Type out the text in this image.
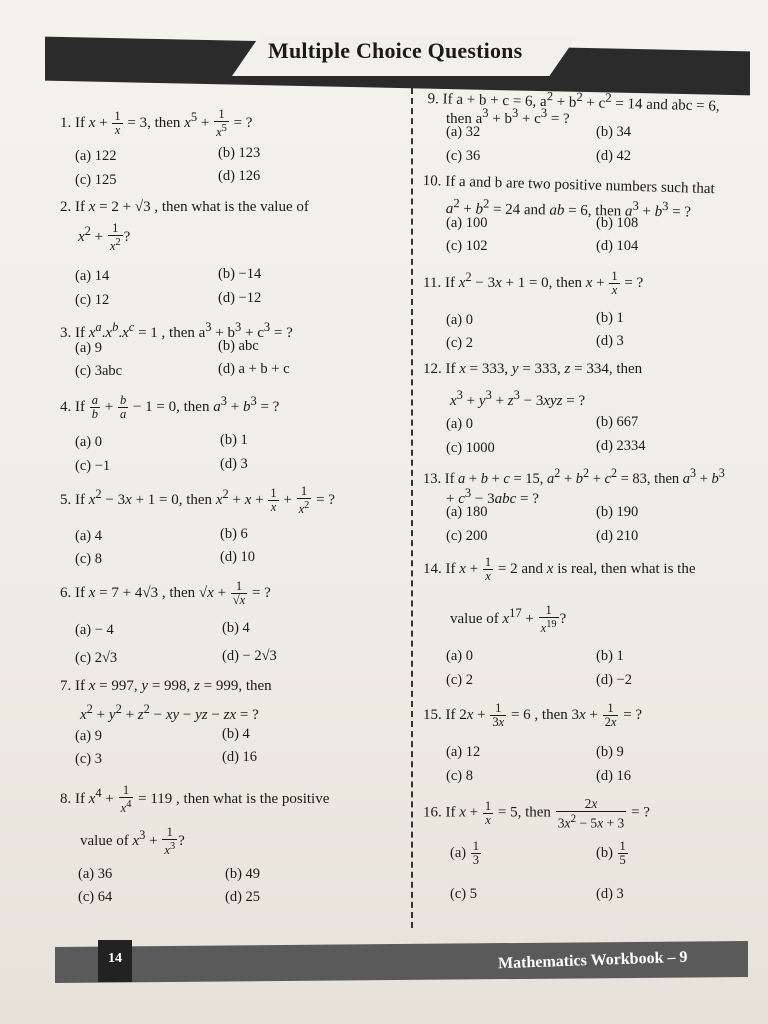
Multiple Choice Questions
1. If $x + \frac{1}{x} = 3$, then $x^5 + \frac{1}{x^5}$ = ?
(a) 122	(b) 123
(c) 125	(d) 126
2. If x = 2 + √3 , then what is the value of
$x^2 + \frac{1}{x^2}$ ?
(a) 14	(b) −14
(c) 12	(d) −12
3. If $x^a.x^b.x^c = 1$ , then $a^3 + b^3 + c^3$ = ?
(a) 9	(b) abc
(c) 3abc	(d) a + b + c
4. If $\frac{a}{b} + \frac{b}{a} - 1 = 0$, then $a^3 + b^3$ = ?
(a) 0	(b) 1
(c) −1	(d) 3
5. If $x^2 - 3x + 1 = 0$, then $x^2 + x + \frac{1}{x} + \frac{1}{x^2}$ = ?
(a) 4	(b) 6
(c) 8	(d) 10
6. If x = 7 + 4√3 , then $√x + \frac{1}{√x}$ = ?
(a) − 4	(b) 4
(c) 2√3	(d) − 2√3
7. If x = 997, y = 998, z = 999, then
$x^2 + y^2 + z^2$ − xy − yz − zx = ?
(a) 9	(b) 4
(c) 3	(d) 16
8. If $x^4 + \frac{1}{x^4} = 119$ , then what is the positive
value of $x^3 + \frac{1}{x^3}$ ?
(a) 36	(b) 49
(c) 64	(d) 25
9. If a + b + c = 6, $a^2 + b^2 + c^2 = 14$ and abc = 6,
then $a^3 + b^3 + c^3$ = ?
(a) 32	(b) 34
(c) 36	(d) 42
10. If a and b are two positive numbers such that
$a^2 + b^2 = 24$ and ab = 6, then $a^3 + b^3$ = ?
(a) 100	(b) 108
(c) 102	(d) 104
11. If $x^2 - 3x + 1 = 0$, then $x + \frac{1}{x}$ = ?
(a) 0	(b) 1
(c) 2	(d) 3
12. If x = 333, y = 333, z = 334, then
$x^3 + y^3 + z^3 - 3xyz$ = ?
(a) 0	(b) 667
(c) 1000	(d) 2334
13. If a + b + c = 15, $a^2 + b^2 + c^2 = 83$, then $a^3 + b^3$
+ $c^3 - 3abc$ = ?
(a) 180	(b) 190
(c) 200	(d) 210
14. If $x + \frac{1}{x} = 2$ and x is real, then what is the
value of $x^{17} + \frac{1}{x^{19}}$ ?
(a) 0	(b) 1
(c) 2	(d) −2
15. If $2x + \frac{1}{3x} = 6$ , then $3x + \frac{1}{2x}$ = ?
(a) 12	(b) 9
(c) 8	(d) 16
16. If $x + \frac{1}{x} = 5$, then $\frac{2x}{3x^2 - 5x + 3}$ = ?
$(a) \frac{1}{3}$	$(b) \frac{1}{5}$
(c) 5	(d) 3
14	Mathematics Workbook – 9
